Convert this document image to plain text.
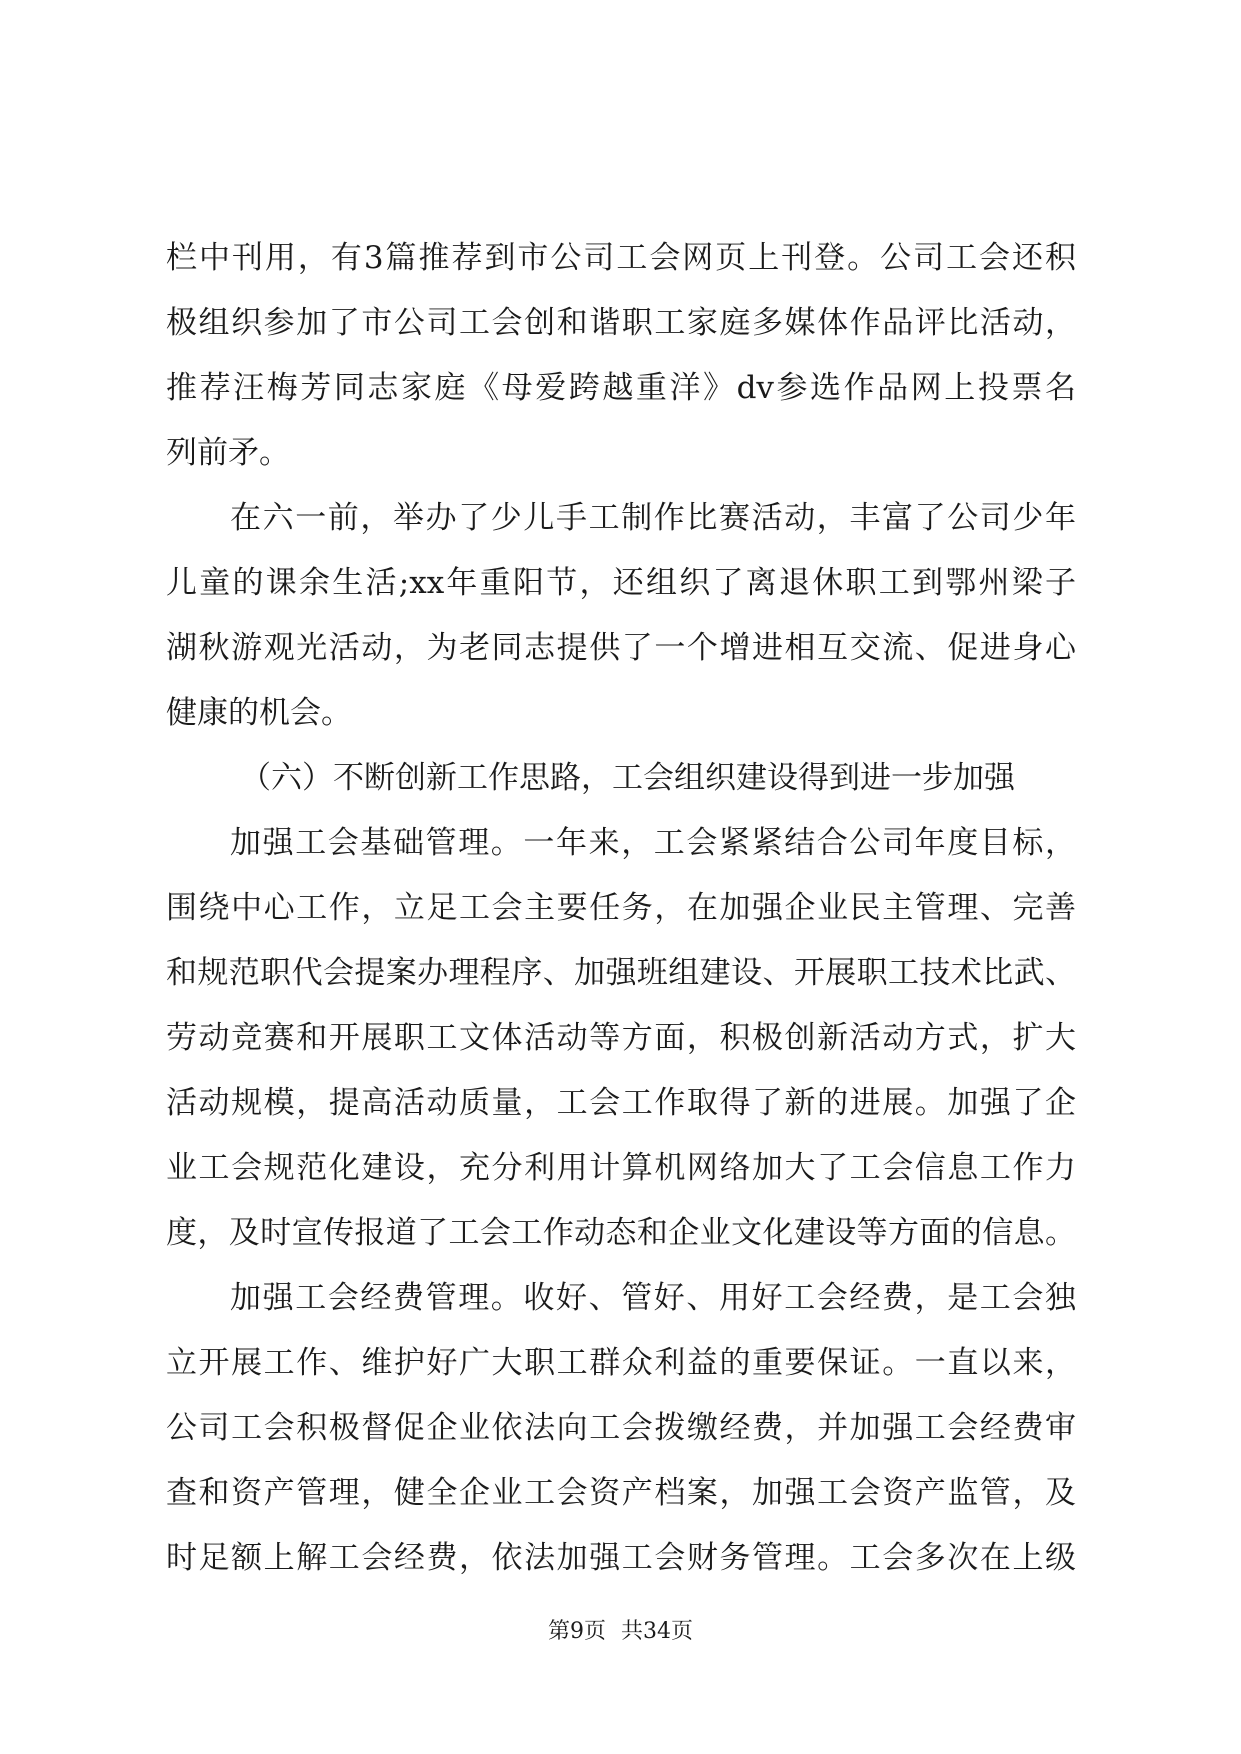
栏中刊用，有3篇推荐到市公司工会网页上刊登。公司工会还积
极组织参加了市公司工会创和谐职工家庭多媒体作品评比活动，
推荐汪梅芳同志家庭《母爱跨越重洋》dv参选作品网上投票名
列前矛。
在六一前，举办了少儿手工制作比赛活动，丰富了公司少年
儿童的课余生活;xx年重阳节，还组织了离退休职工到鄂州梁子
湖秋游观光活动，为老同志提供了一个增进相互交流、促进身心
健康的机会。
（六）不断创新工作思路，工会组织建设得到进一步加强
加强工会基础管理。一年来，工会紧紧结合公司年度目标，
围绕中心工作，立足工会主要任务，在加强企业民主管理、完善
和规范职代会提案办理程序、加强班组建设、开展职工技术比武、
劳动竞赛和开展职工文体活动等方面，积极创新活动方式，扩大
活动规模，提高活动质量，工会工作取得了新的进展。加强了企
业工会规范化建设，充分利用计算机网络加大了工会信息工作力
度，及时宣传报道了工会工作动态和企业文化建设等方面的信息。
加强工会经费管理。收好、管好、用好工会经费，是工会独
立开展工作、维护好广大职工群众利益的重要保证。一直以来，
公司工会积极督促企业依法向工会拨缴经费，并加强工会经费审
查和资产管理，健全企业工会资产档案，加强工会资产监管，及
时足额上解工会经费，依法加强工会财务管理。工会多次在上级
第9页 共34页
